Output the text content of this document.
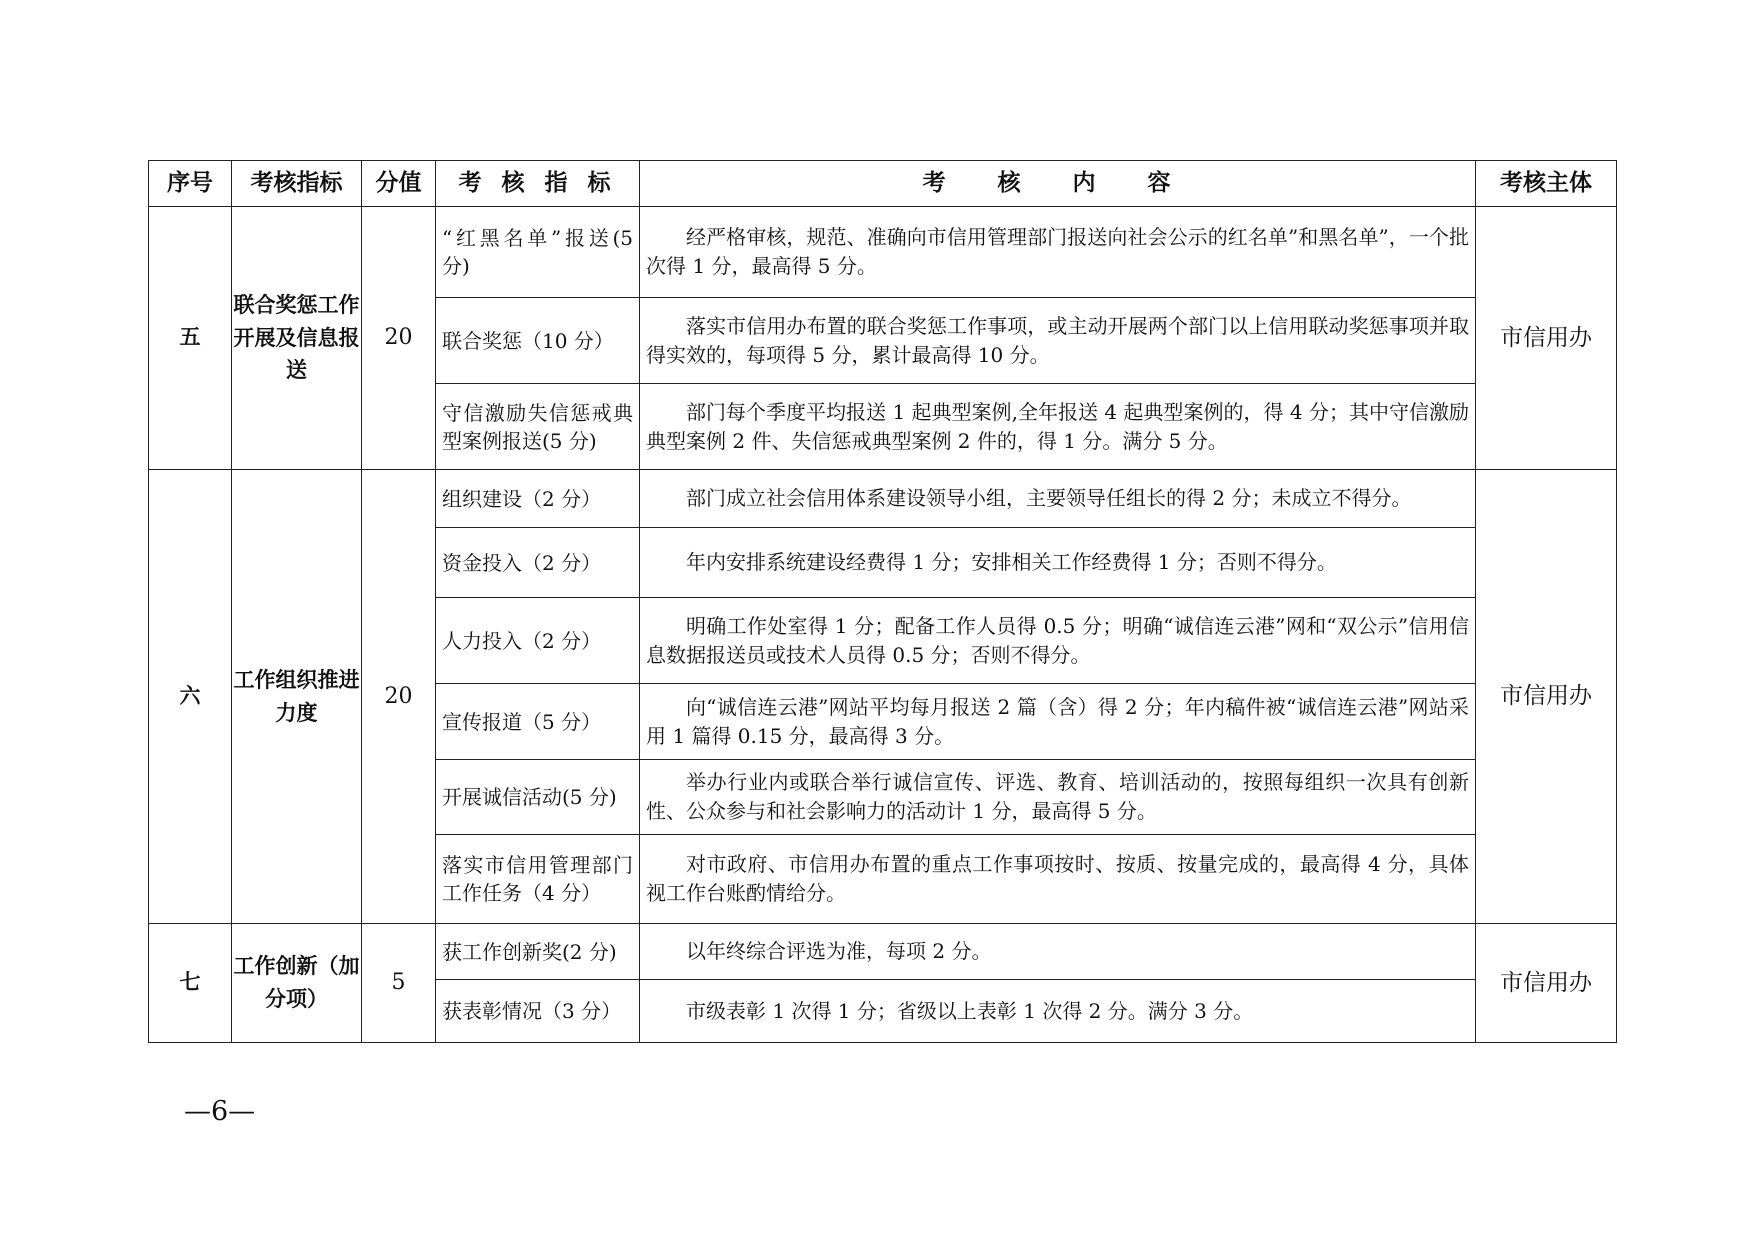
序号	考核指标	分值	考 核 指 标	考 核 内 容	考核主体
五	联合奖惩工作开展及信息报送	20	“红黑名单”报送(5 分)	经严格审核，规范、准确向市信用管理部门报送向社会公示的红名单”和黑名单”，一个批次得 1 分，最高得 5 分。	市信用办
			联合奖惩（10 分）	落实市信用办布置的联合奖惩工作事项，或主动开展两个部门以上信用联动奖惩事项并取得实效的，每项得 5 分，累计最高得 10 分。	
			守信激励失信惩戒典型案例报送(5 分)	部门每个季度平均报送 1 起典型案例,全年报送 4 起典型案例的，得 4 分；其中守信激励典型案例 2 件、失信惩戒典型案例 2 件的，得 1 分。满分 5 分。	
六	工作组织推进力度	20	组织建设（2 分）	部门成立社会信用体系建设领导小组，主要领导任组长的得 2 分；未成立不得分。	市信用办
			资金投入（2 分）	年内安排系统建设经费得 1 分；安排相关工作经费得 1 分；否则不得分。	
			人力投入（2 分）	明确工作处室得 1 分；配备工作人员得 0.5 分；明确“诚信连云港”网和“双公示”信用信息数据报送员或技术人员得 0.5 分；否则不得分。	
			宣传报道（5 分）	向“诚信连云港”网站平均每月报送 2 篇（含）得 2 分；年内稿件被“诚信连云港”网站采用 1 篇得 0.15 分，最高得 3 分。	
			开展诚信活动(5 分)	举办行业内或联合举行诚信宣传、评选、教育、培训活动的，按照每组织一次具有创新性、公众参与和社会影响力的活动计 1 分，最高得 5 分。	
			落实市信用管理部门工作任务（4 分）	对市政府、市信用办布置的重点工作事项按时、按质、按量完成的，最高得 4 分，具体视工作台账酌情给分。	
七	工作创新（加分项）	5	获工作创新奖(2 分)	以年终综合评选为准，每项 2 分。	市信用办
			获表彰情况（3 分）	市级表彰 1 次得 1 分；省级以上表彰 1 次得 2 分。满分 3 分。	
—6—
